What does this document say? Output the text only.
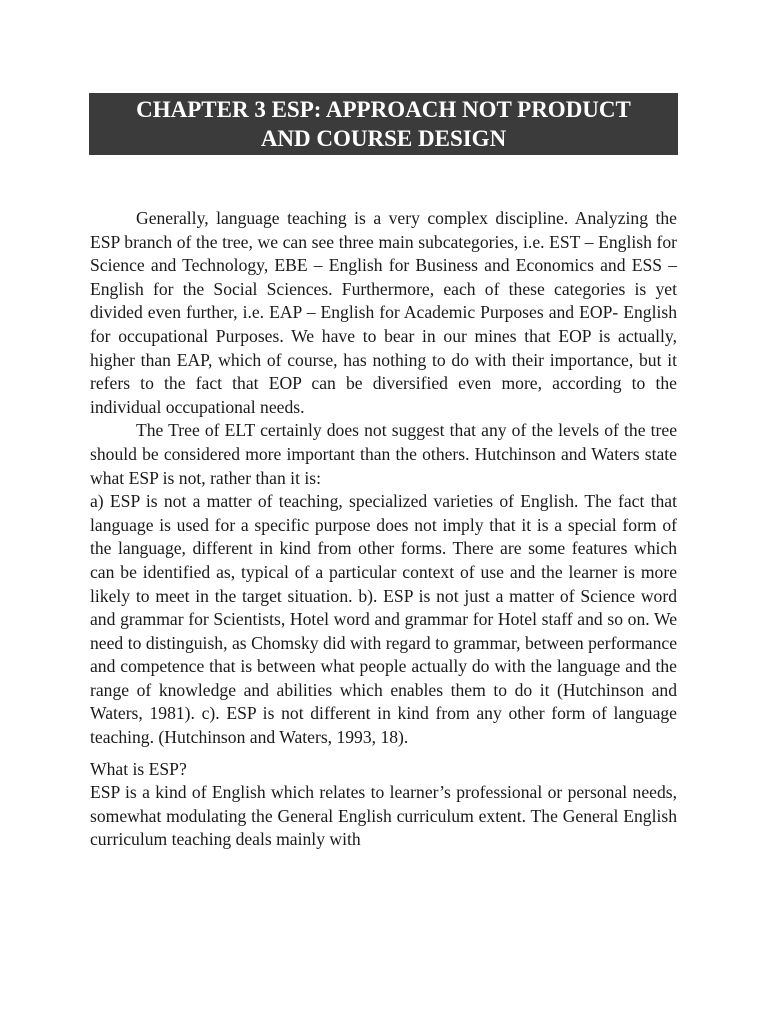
CHAPTER 3 ESP: APPROACH NOT PRODUCT
AND COURSE DESIGN

Generally, language teaching is a very complex discipline. Analyzing the ESP branch of the tree, we can see three main subcategories, i.e. EST – English for Science and Technology, EBE – English for Business and Economics and ESS – English for the Social Sciences. Furthermore, each of these categories is yet divided even further, i.e. EAP – English for Academic Purposes and EOP- English for occupational Purposes. We have to bear in our mines that EOP is actually, higher than EAP, which of course, has nothing to do with their importance, but it refers to the fact that EOP can be diversified even more, according to the individual occupational needs.

The Tree of ELT certainly does not suggest that any of the levels of the tree should be considered more important than the others. Hutchinson and Waters state what ESP is not, rather than it is:

a) ESP is not a matter of teaching, specialized varieties of English. The fact that language is used for a specific purpose does not imply that it is a special form of the language, different in kind from other forms. There are some features which can be identified as, typical of a particular context of use and the learner is more likely to meet in the target situation. b). ESP is not just a matter of Science word and grammar for Scientists, Hotel word and grammar for Hotel staff and so on. We need to distinguish, as Chomsky did with regard to grammar, between performance and competence that is between what people actually do with the language and the range of knowledge and abilities which enables them to do it (Hutchinson and Waters, 1981). c). ESP is not different in kind from any other form of language teaching. (Hutchinson and Waters, 1993, 18).

What is ESP?

ESP is a kind of English which relates to learner’s professional or personal needs, somewhat modulating the General English curriculum extent. The General English curriculum teaching deals mainly with
